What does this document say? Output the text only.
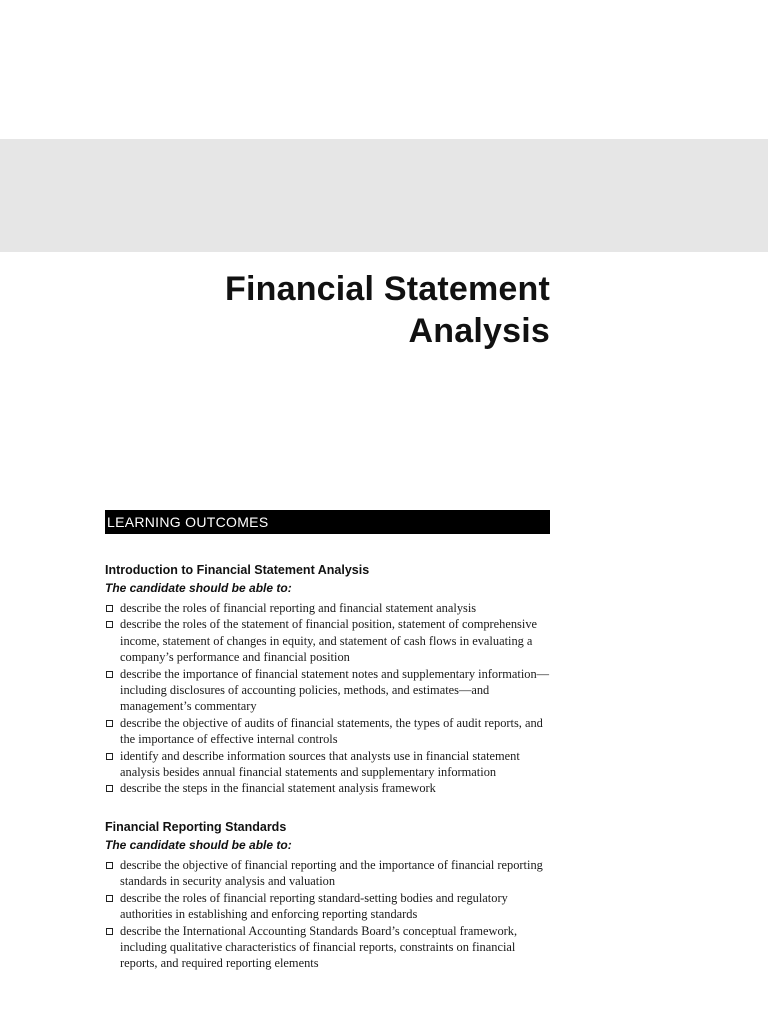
Financial Statement
Analysis
LEARNING OUTCOMES
Introduction to Financial Statement Analysis
The candidate should be able to:
describe the roles of financial reporting and financial statement analysis
describe the roles of the statement of financial position, statement of comprehensive income, statement of changes in equity, and statement of cash flows in evaluating a company’s performance and financial position
describe the importance of financial statement notes and supplementary information—including disclosures of accounting policies, methods, and estimates—and management’s commentary
describe the objective of audits of financial statements, the types of audit reports, and the importance of effective internal controls
identify and describe information sources that analysts use in financial statement analysis besides annual financial statements and supplementary information
describe the steps in the financial statement analysis framework
Financial Reporting Standards
The candidate should be able to:
describe the objective of financial reporting and the importance of financial reporting standards in security analysis and valuation
describe the roles of financial reporting standard-setting bodies and regulatory authorities in establishing and enforcing reporting standards
describe the International Accounting Standards Board’s conceptual framework, including qualitative characteristics of financial reports, constraints on financial reports, and required reporting elements
